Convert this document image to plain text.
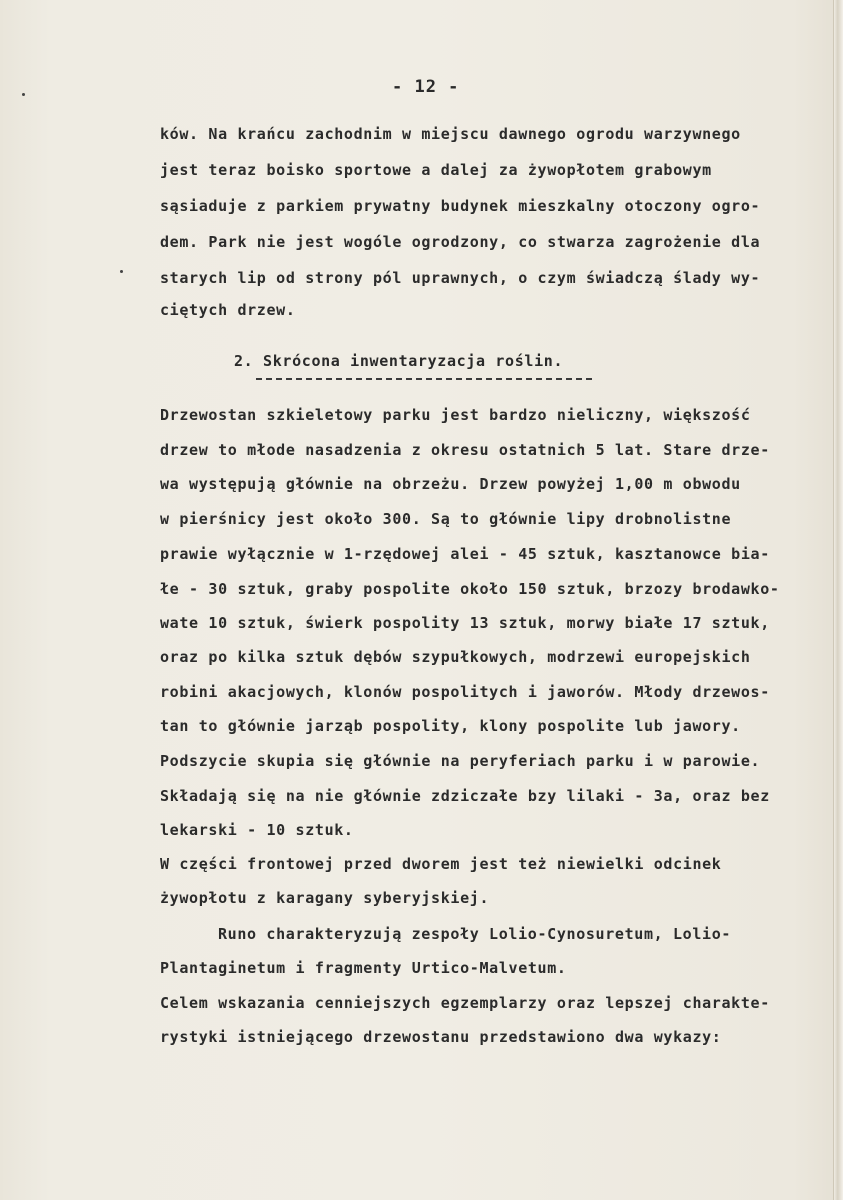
- 12 -
ków. Na krańcu zachodnim w miejscu dawnego ogrodu warzywnego
jest teraz boisko sportowe a dalej za żywopłotem grabowym
sąsiaduje z parkiem prywatny budynek mieszkalny otoczony ogro-
dem. Park nie jest wogóle ogrodzony, co stwarza zagrożenie dla
starych lip od strony pól uprawnych, o czym świadczą ślady wy-
ciętych drzew.
2. Skrócona inwentaryzacja roślin.
Drzewostan szkieletowy parku jest bardzo nieliczny, większość
drzew to młode nasadzenia z okresu ostatnich 5 lat. Stare drze-
wa występują głównie na obrzeżu. Drzew powyżej 1,00 m obwodu
w pierśnicy jest około 300. Są to głównie lipy drobnolistne
prawie wyłącznie w 1-rzędowej alei - 45 sztuk, kasztanowce bia-
łe - 30 sztuk, graby pospolite około 150 sztuk, brzozy brodawko-
wate 10 sztuk, świerk pospolity 13 sztuk, morwy białe 17 sztuk,
oraz po kilka sztuk dębów szypułkowych, modrzewi europejskich
robini akacjowych, klonów pospolitych i jaworów. Młody drzewos-
tan to głównie jarząb pospolity, klony pospolite lub jawory.
Podszycie skupia się głównie na peryferiach parku i w parowie.
Składają się na nie głównie zdziczałe bzy lilaki - 3a, oraz bez
lekarski - 10 sztuk.
W części frontowej przed dworem jest też niewielki odcinek
żywopłotu z karagany syberyjskiej.
Runo charakteryzują zespoły Lolio-Cynosuretum, Lolio-
Plantaginetum i fragmenty Urtico-Malvetum.
Celem wskazania cenniejszych egzemplarzy oraz lepszej charakte-
rystyki istniejącego drzewostanu przedstawiono dwa wykazy:
